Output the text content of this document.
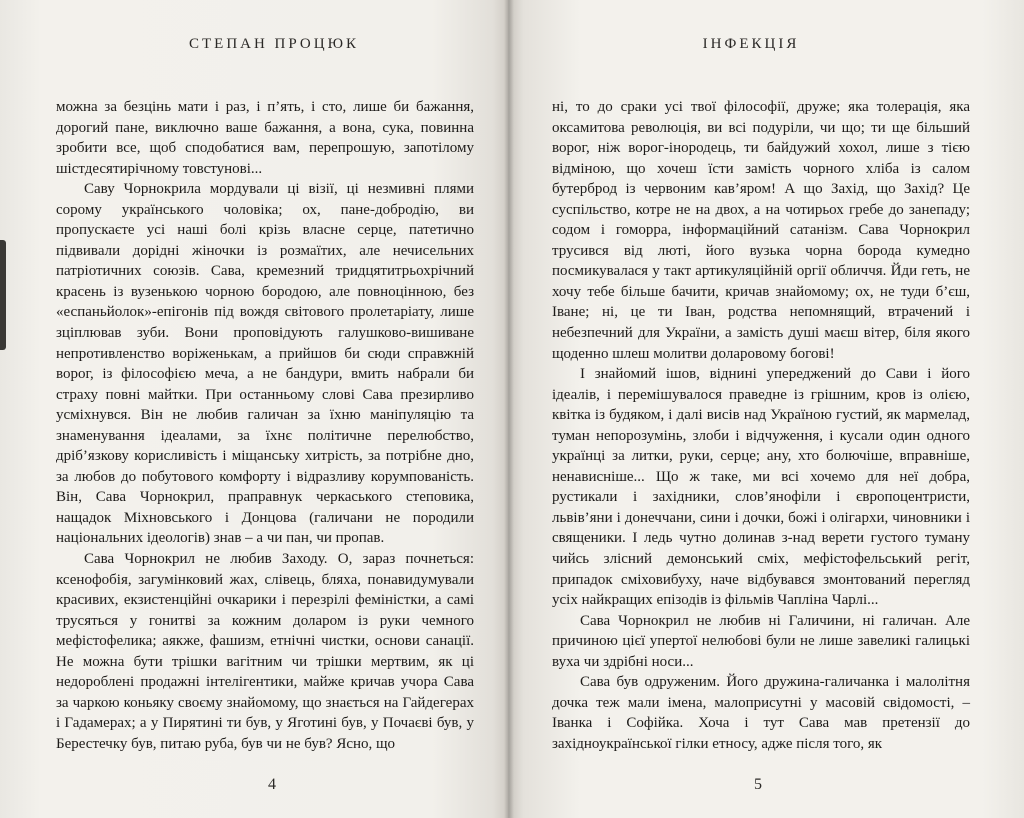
СТЕПАН ПРОЦЮК

можна за безцінь мати і раз, і п’ять, і сто, лише би бажання, дорогий пане, виключно ваше бажання, а вона, сука, повинна зробити все, щоб сподобатися вам, перепрошую, запотілому шістдесятирічному товстунові...

Саву Чорнокрила мордували ці візії, ці незмивні плями сорому українського чоловіка; ох, пане-добродію, ви пропускаєте усі наші болі крізь власне серце, патетично підвивали дорідні жіночки із розмаїтих, але нечисельних патріотичних союзів. Сава, кремезний тридцятитрьохрічний красень із вузенькою чорною бородою, але повноцінною, без «еспаньйолок»-епігонів під вождя світового пролетаріату, лише зціплював зуби. Вони проповідують галушково-вишиване непротивленство воріженькам, а прийшов би сюди справжній ворог, із філософією меча, а не бандури, вмить набрали би страху повні майтки. При останньому слові Сава презирливо усміхнувся. Він не любив галичан за їхню маніпуляцію та знаменування ідеалами, за їхнє політичне перелюбство, дріб’язкову корисливість і міщанську хитрість, за потрібне дно, за любов до побутового комфорту і відразливу корумпованість. Він, Сава Чорнокрил, праправнук черкаського степовика, нащадок Міхновського і Донцова (галичани не породили національних ідеологів) знав – а чи пан, чи пропав.

Сава Чорнокрил не любив Заходу. О, зараз почнеться: ксенофобія, загумінковий жах, слівець, бляха, понавидумували красивих, екзистенційні очкарики і перезрілі феміністки, а самі труcяться у гонитві за кожним доларом із руки чемного мефістофелика; аякже, фашизм, етнічні чистки, основи санації. Не можна бути трішки вагітним чи трішки мертвим, як ці недороблені продажні інтелігентики, майже кричав учора Сава за чаркою коньяку своєму знайомому, що знається на Гайдегерах і Гадамерах; а у Пирятині ти був, у Яготині був, у Почаєві був, у Берестечку був, питаю руба, був чи не був? Ясно, що

4
ІНФЕКЦІЯ

ні, то до сраки усі твої філософії, друже; яка толерація, яка оксамитова революція, ви всі подуріли, чи що; ти ще більший ворог, ніж ворог-інородець, ти байдужий хохол, лише з тією відміною, що хочеш їсти замість чорного хліба із салом бутерброд із червоним кав’яром! А що Захід, що Захід? Це суспільство, котре не на двох, а на чотирьох гребе до занепаду; содом і гоморра, інформаційний сатанізм. Сава Чорнокрил трусився від люті, його вузька чорна борода кумедно посмикувалася у такт артикуляційній оргії обличчя. Йди геть, не хочу тебе більше бачити, кричав знайомому; ох, не туди б’єш, Іване; ні, це ти Іван, родства непомнящий, втрачений і небезпечний для України, а замість душі маєш вітер, біля якого щоденно шлеш молитви доларовому богові!

І знайомий ішов, віднині упереджений до Сави і його ідеалів, і перемішувалося праведне із грішним, кров із олією, квітка із будяком, і далі висів над Україною густий, як мармелад, туман непорозумінь, злоби і відчуження, і кусали один одного українці за литки, руки, серце; ану, хто болючіше, вправніше, ненависніше... Що ж таке, ми всі хочемо для неї добра, рустикали і західники, слов’янофіли і європоцентристи, львів’яни і донеччани, сини і дочки, божі і олігархи, чиновники і священики. І ледь чутно долинав з-над верети густого туману чийсь злісний демонський сміх, мефістофельський регіт, припадок сміховибуху, наче відбувався змонтований перегляд усіх найкращих епізодів із фільмів Чапліна Чарлі...

Сава Чорнокрил не любив ні Галичини, ні галичан. Але причиною цієї упертої нелюбові були не лише завеликі галицькі вуха чи здрібні носи...

Сава був одруженим. Його дружина-галичанка і малолітня дочка теж мали імена, малоприсутні у масовій свідомості, – Іванка і Софійка. Хоча і тут Сава мав претензії до західноукраїнської гілки етносу, адже після того, як

5
